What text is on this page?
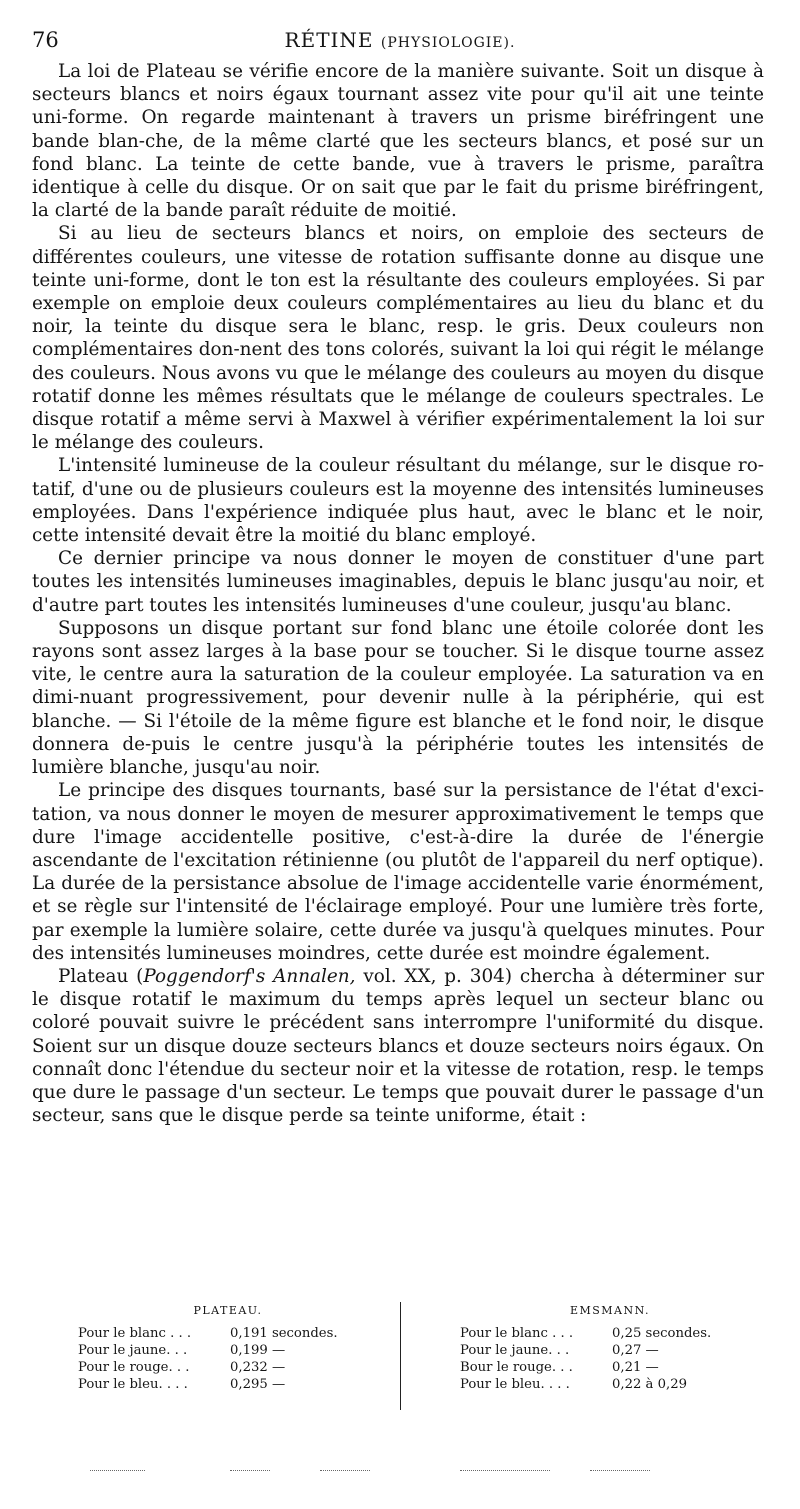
76	RÉTINE (PHYSIOLOGIE).

La loi de Plateau se vérifie encore de la manière suivante. Soit un disque à secteurs blancs et noirs égaux tournant assez vite pour qu'il ait une teinte uni-forme. On regarde maintenant à travers un prisme biréfringent une bande blan-che, de la même clarté que les secteurs blancs, et posé sur un fond blanc. La teinte de cette bande, vue à travers le prisme, paraîtra identique à celle du disque. Or on sait que par le fait du prisme biréfringent, la clarté de la bande paraît réduite de moitié.

Si au lieu de secteurs blancs et noirs, on emploie des secteurs de différentes couleurs, une vitesse de rotation suffisante donne au disque une teinte uni-forme, dont le ton est la résultante des couleurs employées. Si par exemple on emploie deux couleurs complémentaires au lieu du blanc et du noir, la teinte du disque sera le blanc, resp. le gris. Deux couleurs non complémentaires don-nent des tons colorés, suivant la loi qui régit le mélange des couleurs. Nous avons vu que le mélange des couleurs au moyen du disque rotatif donne les mêmes résultats que le mélange de couleurs spectrales. Le disque rotatif a même servi à Maxwel à vérifier expérimentalement la loi sur le mélange des couleurs.

L'intensité lumineuse de la couleur résultant du mélange, sur le disque ro-tatif, d'une ou de plusieurs couleurs est la moyenne des intensités lumineuses employées. Dans l'expérience indiquée plus haut, avec le blanc et le noir, cette intensité devait être la moitié du blanc employé.

Ce dernier principe va nous donner le moyen de constituer d'une part toutes les intensités lumineuses imaginables, depuis le blanc jusqu'au noir, et d'autre part toutes les intensités lumineuses d'une couleur, jusqu'au blanc.

Supposons un disque portant sur fond blanc une étoile colorée dont les rayons sont assez larges à la base pour se toucher. Si le disque tourne assez vite, le centre aura la saturation de la couleur employée. La saturation va en dimi-nuant progressivement, pour devenir nulle à la périphérie, qui est blanche. — Si l'étoile de la même figure est blanche et le fond noir, le disque donnera de-puis le centre jusqu'à la périphérie toutes les intensités de lumière blanche, jusqu'au noir.

Le principe des disques tournants, basé sur la persistance de l'état d'exci-tation, va nous donner le moyen de mesurer approximativement le temps que dure l'image accidentelle positive, c'est-à-dire la durée de l'énergie ascendante de l'excitation rétinienne (ou plutôt de l'appareil du nerf optique). La durée de la persistance absolue de l'image accidentelle varie énormément, et se règle sur l'intensité de l'éclairage employé. Pour une lumière très forte, par exemple la lumière solaire, cette durée va jusqu'à quelques minutes. Pour des intensités lumineuses moindres, cette durée est moindre également.

Plateau (Poggendorf's Annalen, vol. XX, p. 304) chercha à déterminer sur le disque rotatif le maximum du temps après lequel un secteur blanc ou coloré pouvait suivre le précédent sans interrompre l'uniformité du disque. Soient sur un disque douze secteurs blancs et douze secteurs noirs égaux. On connaît donc l'étendue du secteur noir et la vitesse de rotation, resp. le temps que dure le passage d'un secteur. Le temps que pouvait durer le passage d'un secteur, sans que le disque perde sa teinte uniforme, était :

PLATEAU.
Pour le blanc . . .	0,191 secondes.
Pour le jaune. . .	0,199 —
Pour le rouge. . .	0,232 —
Pour le bleu. . . .	0,295 —
EMSMANN.
Pour le blanc . . .	0,25 secondes.
Pour le jaune. . .	0,27 —
Bour le rouge. . .	0,21 —
Pour le bleu. . . .	0,22 à 0,29
